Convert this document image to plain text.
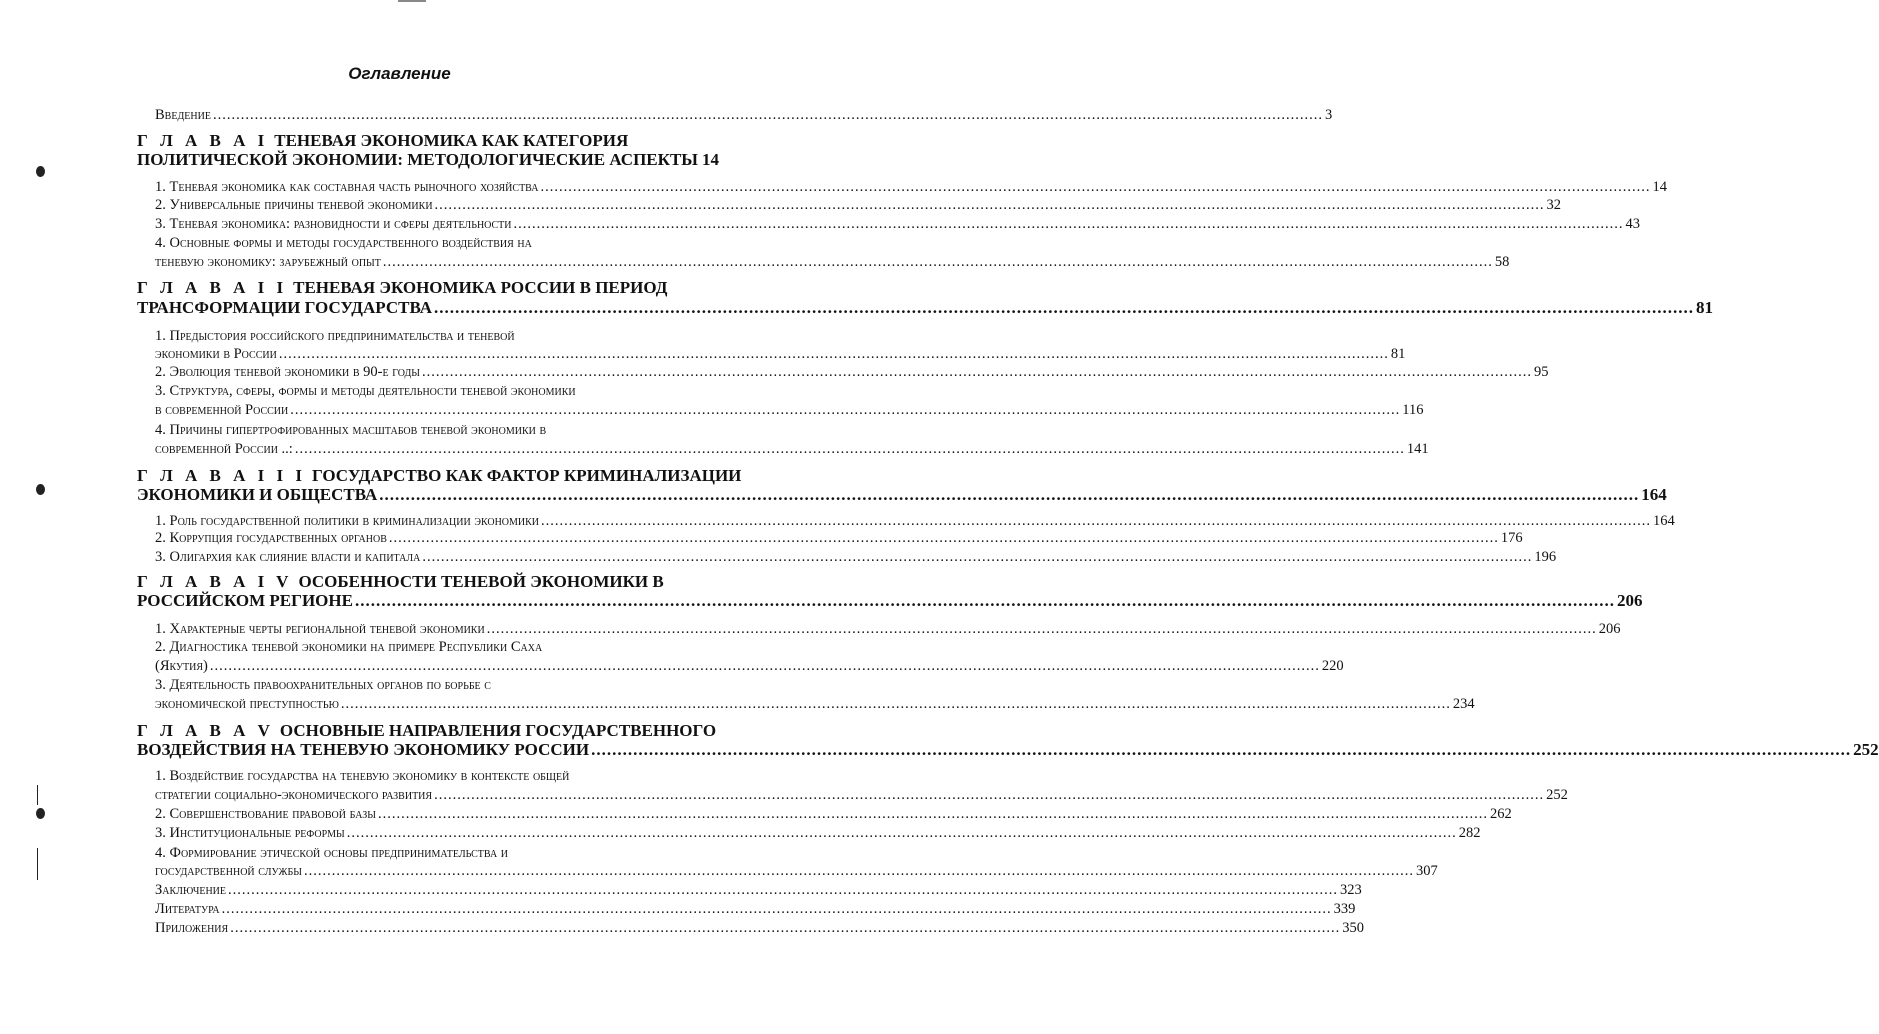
Оглавление
Введение .....	3
Г Л А В А I ТЕНЕВАЯ ЭКОНОМИКА КАК КАТЕГОРИЯ
ПОЛИТИЧЕСКОЙ ЭКОНОМИИ: МЕТОДОЛОГИЧЕСКИЕ АСПЕКТЫ 14
1. Теневая экономика как составная часть рыночного хозяйства .....	14
2. Универсальные причины теневой экономики .....	32
3. Теневая экономика: разновидности и сферы деятельности .....	43
4. Основные формы и методы государственного воздействия на
теневую экономику: зарубежный опыт .....	58
Г Л А В А I I ТЕНЕВАЯ ЭКОНОМИКА РОССИИ В ПЕРИОД
ТРАНСФОРМАЦИИ ГОСУДАРСТВА .....	81
1. Предыстория российского предпринимательства и теневой
экономики в России .....	81
2. Эволюция теневой экономики в 90-е годы .....	95
3. Структура, сферы, формы и методы деятельности теневой экономики
в современной России .....	116
4. Причины гипертрофированных масштабов теневой экономики в
современной России ..: .....	141
Г Л А В А I I I ГОСУДАРСТВО КАК ФАКТОР КРИМИНАЛИЗАЦИИ
ЭКОНОМИКИ И ОБЩЕСТВА .....	164
1. Роль государственной политики в криминализации экономики .....	164
2. Коррупция государственных органов .....	176
3. Олигархия как слияние власти и капитала .....	196
Г Л А В А I V ОСОБЕННОСТИ ТЕНЕВОЙ ЭКОНОМИКИ В
РОССИЙСКОМ РЕГИОНЕ .....	206
1. Характерные черты региональной теневой экономики .....	206
2. Диагностика теневой экономики на примере Республики Саха
(Якутия) .....	220
3. Деятельность правоохранительных органов по борьбе с
экономической преступностью .....	234
Г Л А В А V ОСНОВНЫЕ НАПРАВЛЕНИЯ ГОСУДАРСТВЕННОГО
ВОЗДЕЙСТВИЯ НА ТЕНЕВУЮ ЭКОНОМИКУ РОССИИ .....	252
1. Воздействие государства на теневую экономику в контексте общей
стратегии социально-экономического развития .....	252
2. Совершенствование правовой базы .....	262
3. Институциональные реформы .....	282
4. Формирование этической основы предпринимательства и
государственной службы .....	307
Заключение .....	323
Литература .....	339
Приложения .....	350
